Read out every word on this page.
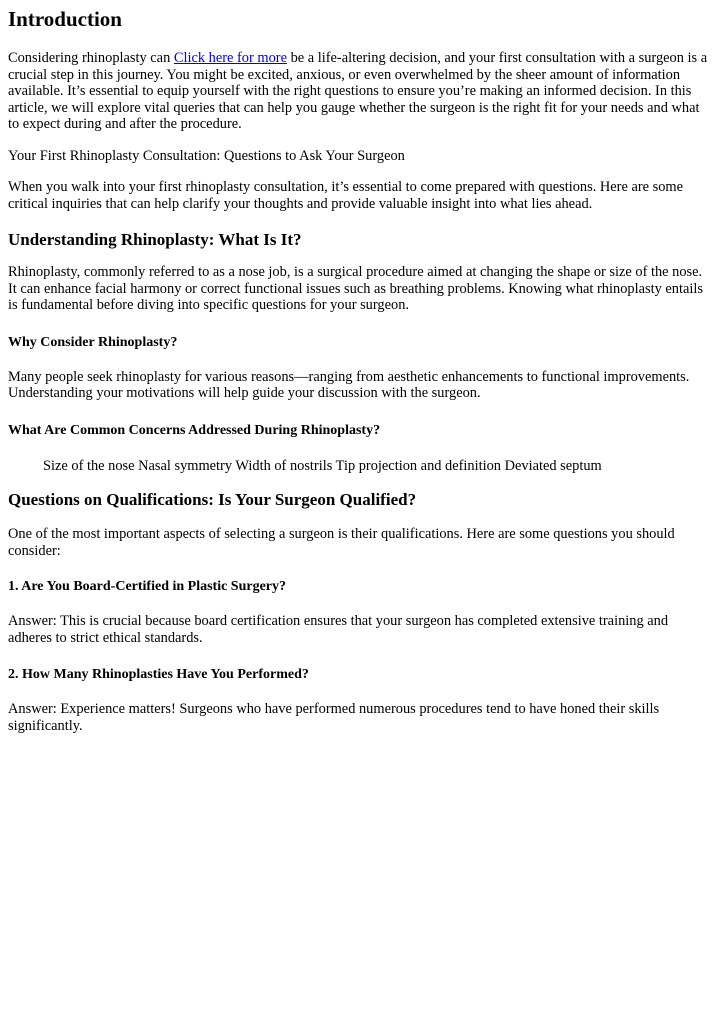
Introduction

Considering rhinoplasty can Click here for more be a life-altering decision, and your first consultation with a surgeon is a crucial step in this journey. You might be excited, anxious, or even overwhelmed by the sheer amount of information available. It’s essential to equip yourself with the right questions to ensure you’re making an informed decision. In this article, we will explore vital queries that can help you gauge whether the surgeon is the right fit for your needs and what to expect during and after the procedure.

Your First Rhinoplasty Consultation: Questions to Ask Your Surgeon

When you walk into your first rhinoplasty consultation, it’s essential to come prepared with questions. Here are some critical inquiries that can help clarify your thoughts and provide valuable insight into what lies ahead.

Understanding Rhinoplasty: What Is It?

Rhinoplasty, commonly referred to as a nose job, is a surgical procedure aimed at changing the shape or size of the nose. It can enhance facial harmony or correct functional issues such as breathing problems. Knowing what rhinoplasty entails is fundamental before diving into specific questions for your surgeon.

Why Consider Rhinoplasty?

Many people seek rhinoplasty for various reasons—ranging from aesthetic enhancements to functional improvements. Understanding your motivations will help guide your discussion with the surgeon.

What Are Common Concerns Addressed During Rhinoplasty?

Size of the nose Nasal symmetry Width of nostrils Tip projection and definition Deviated septum

Questions on Qualifications: Is Your Surgeon Qualified?

One of the most important aspects of selecting a surgeon is their qualifications. Here are some questions you should consider:

1. Are You Board-Certified in Plastic Surgery?

Answer: This is crucial because board certification ensures that your surgeon has completed extensive training and adheres to strict ethical standards.

2. How Many Rhinoplasties Have You Performed?

Answer: Experience matters! Surgeons who have performed numerous procedures tend to have honed their skills significantly.
